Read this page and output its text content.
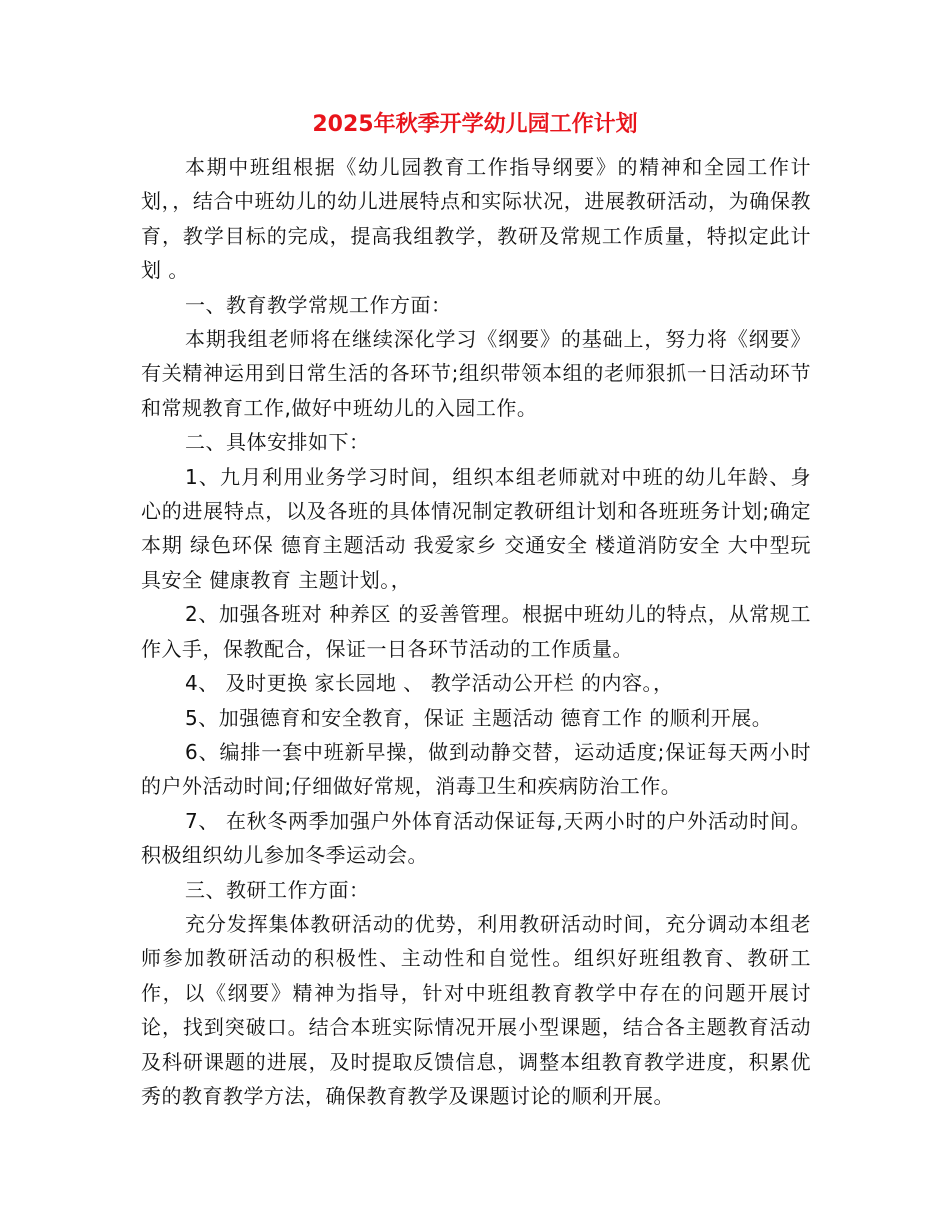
2025年秋季开学幼儿园工作计划

本期中班组根据《幼儿园教育工作指导纲要》的精神和全园工作计划，，结合中班幼儿的幼儿进展特点和实际状况，进展教研活动，为确保教育，教学目标的完成，提高我组教学，教研及常规工作质量，特拟定此计划 。

一、教育教学常规工作方面：

本期我组老师将在继续深化学习《纲要》的基础上，努力将《纲要》有关精神运用到日常生活的各环节;组织带领本组的老师狠抓一日活动环节和常规教育工作,做好中班幼儿的入园工作。

二、具体安排如下：

1、九月利用业务学习时间，组织本组老师就对中班的幼儿年龄、身心的进展特点，以及各班的具体情况制定教研组计划和各班班务计划;确定本期 绿色环保 德育主题活动 我爱家乡 交通安全 楼道消防安全 大中型玩具安全 健康教育 主题计划。，

2、加强各班对 种养区 的妥善管理。根据中班幼儿的特点，从常规工作入手，保教配合，保证一日各环节活动的工作质量。

4、 及时更换 家长园地 、 教学活动公开栏 的内容。，

5、加强德育和安全教育，保证 主题活动 德育工作 的顺利开展。

6、编排一套中班新早操，做到动静交替，运动适度;保证每天两小时的户外活动时间;仔细做好常规，消毒卫生和疾病防治工作。

7、 在秋冬两季加强户外体育活动保证每,天两小时的户外活动时间。 积极组织幼儿参加冬季运动会。

三、教研工作方面：

充分发挥集体教研活动的优势，利用教研活动时间，充分调动本组老师参加教研活动的积极性、主动性和自觉性。组织好班组教育、教研工作，以《纲要》精神为指导，针对中班组教育教学中存在的问题开展讨论，找到突破口。结合本班实际情况开展小型课题，结合各主题教育活动及科研课题的进展，及时提取反馈信息，调整本组教育教学进度，积累优秀的教育教学方法，确保教育教学及课题讨论的顺利开展。
